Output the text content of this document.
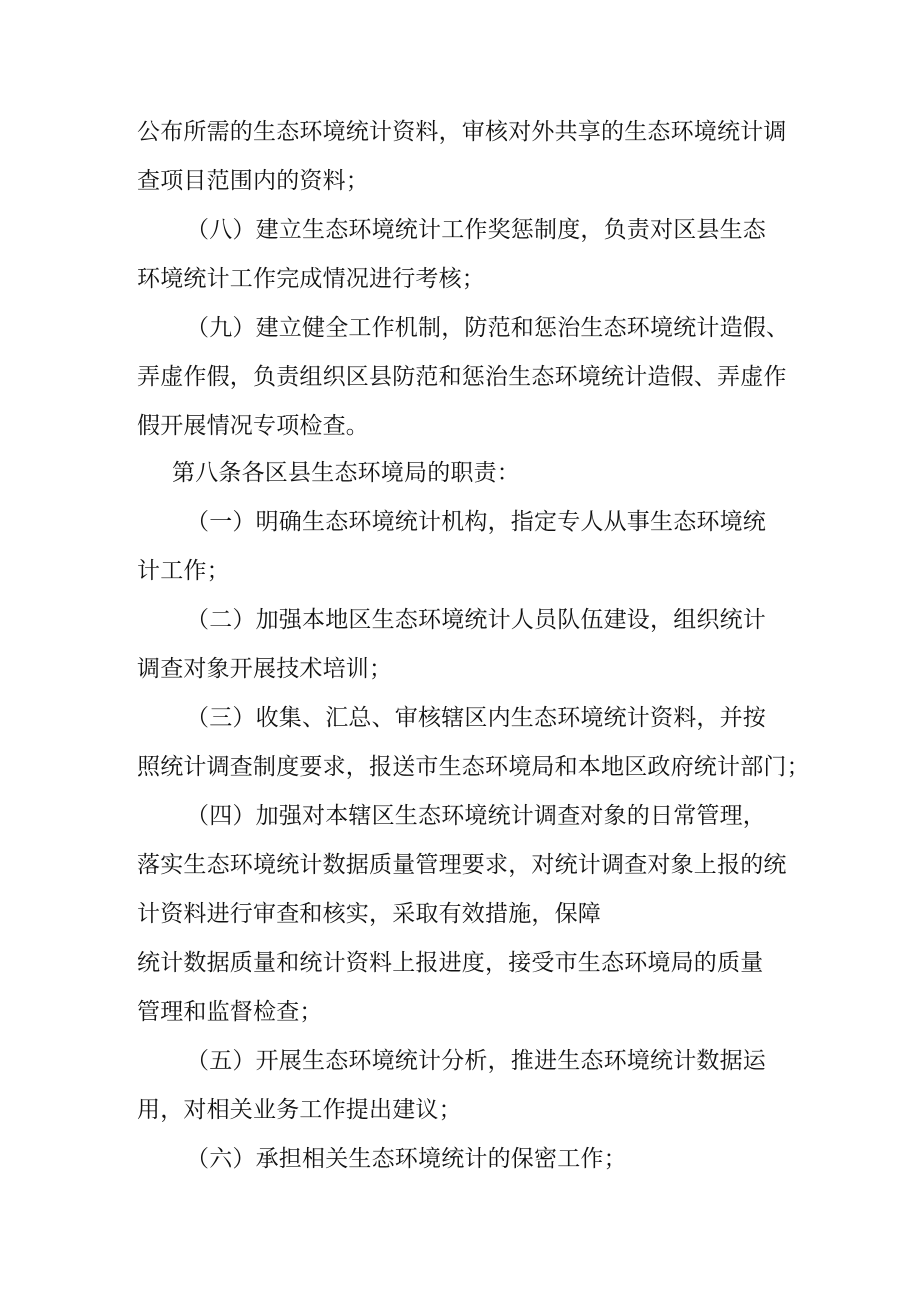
公布所需的生态环境统计资料，审核对外共享的生态环境统计调
查项目范围内的资料；
（八）建立生态环境统计工作奖惩制度，负责对区县生态
环境统计工作完成情况进行考核；
（九）建立健全工作机制，防范和惩治生态环境统计造假、
弄虚作假，负责组织区县防范和惩治生态环境统计造假、弄虚作
假开展情况专项检查。
第八条各区县生态环境局的职责：
（一）明确生态环境统计机构，指定专人从事生态环境统
计工作；
（二）加强本地区生态环境统计人员队伍建设，组织统计
调查对象开展技术培训；
（三）收集、汇总、审核辖区内生态环境统计资料，并按
照统计调查制度要求，报送市生态环境局和本地区政府统计部门；
（四）加强对本辖区生态环境统计调查对象的日常管理，
落实生态环境统计数据质量管理要求，对统计调查对象上报的统
计资料进行审查和核实，采取有效措施，保障
统计数据质量和统计资料上报进度，接受市生态环境局的质量
管理和监督检查；
（五）开展生态环境统计分析，推进生态环境统计数据运
用，对相关业务工作提出建议；
（六）承担相关生态环境统计的保密工作；
